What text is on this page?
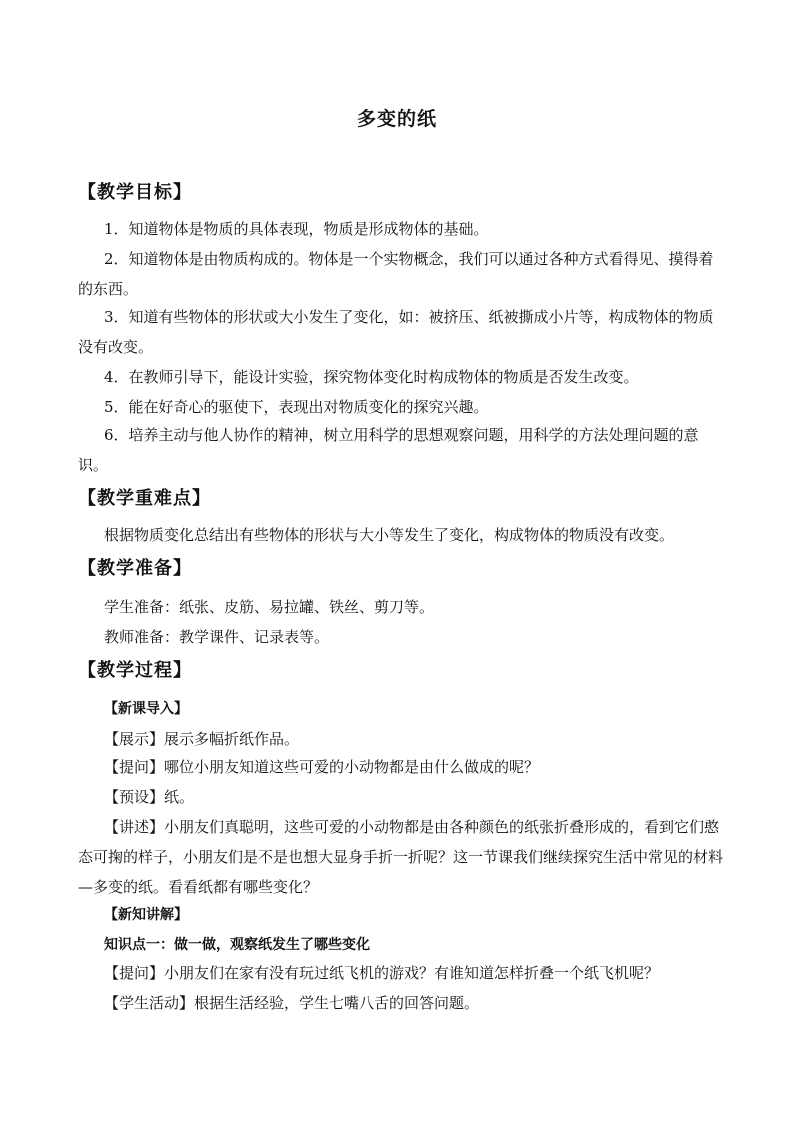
多变的纸
【教学目标】
1．知道物体是物质的具体表现，物质是形成物体的基础。
2．知道物体是由物质构成的。物体是一个实物概念，我们可以通过各种方式看得见、摸得着的东西。
3．知道有些物体的形状或大小发生了变化，如：被挤压、纸被撕成小片等，构成物体的物质没有改变。
4．在教师引导下，能设计实验，探究物体变化时构成物体的物质是否发生改变。
5．能在好奇心的驱使下，表现出对物质变化的探究兴趣。
6．培养主动与他人协作的精神，树立用科学的思想观察问题，用科学的方法处理问题的意识。
【教学重难点】
根据物质变化总结出有些物体的形状与大小等发生了变化，构成物体的物质没有改变。
【教学准备】
学生准备：纸张、皮筋、易拉罐、铁丝、剪刀等。
教师准备：教学课件、记录表等。
【教学过程】
【新课导入】
【展示】展示多幅折纸作品。
【提问】哪位小朋友知道这些可爱的小动物都是由什么做成的呢？
【预设】纸。
【讲述】小朋友们真聪明，这些可爱的小动物都是由各种颜色的纸张折叠形成的，看到它们憨态可掬的样子，小朋友们是不是也想大显身手折一折呢？这一节课我们继续探究生活中常见的材料—多变的纸。看看纸都有哪些变化？
【新知讲解】
知识点一：做一做，观察纸发生了哪些变化
【提问】小朋友们在家有没有玩过纸飞机的游戏？有谁知道怎样折叠一个纸飞机呢？
【学生活动】根据生活经验，学生七嘴八舌的回答问题。
